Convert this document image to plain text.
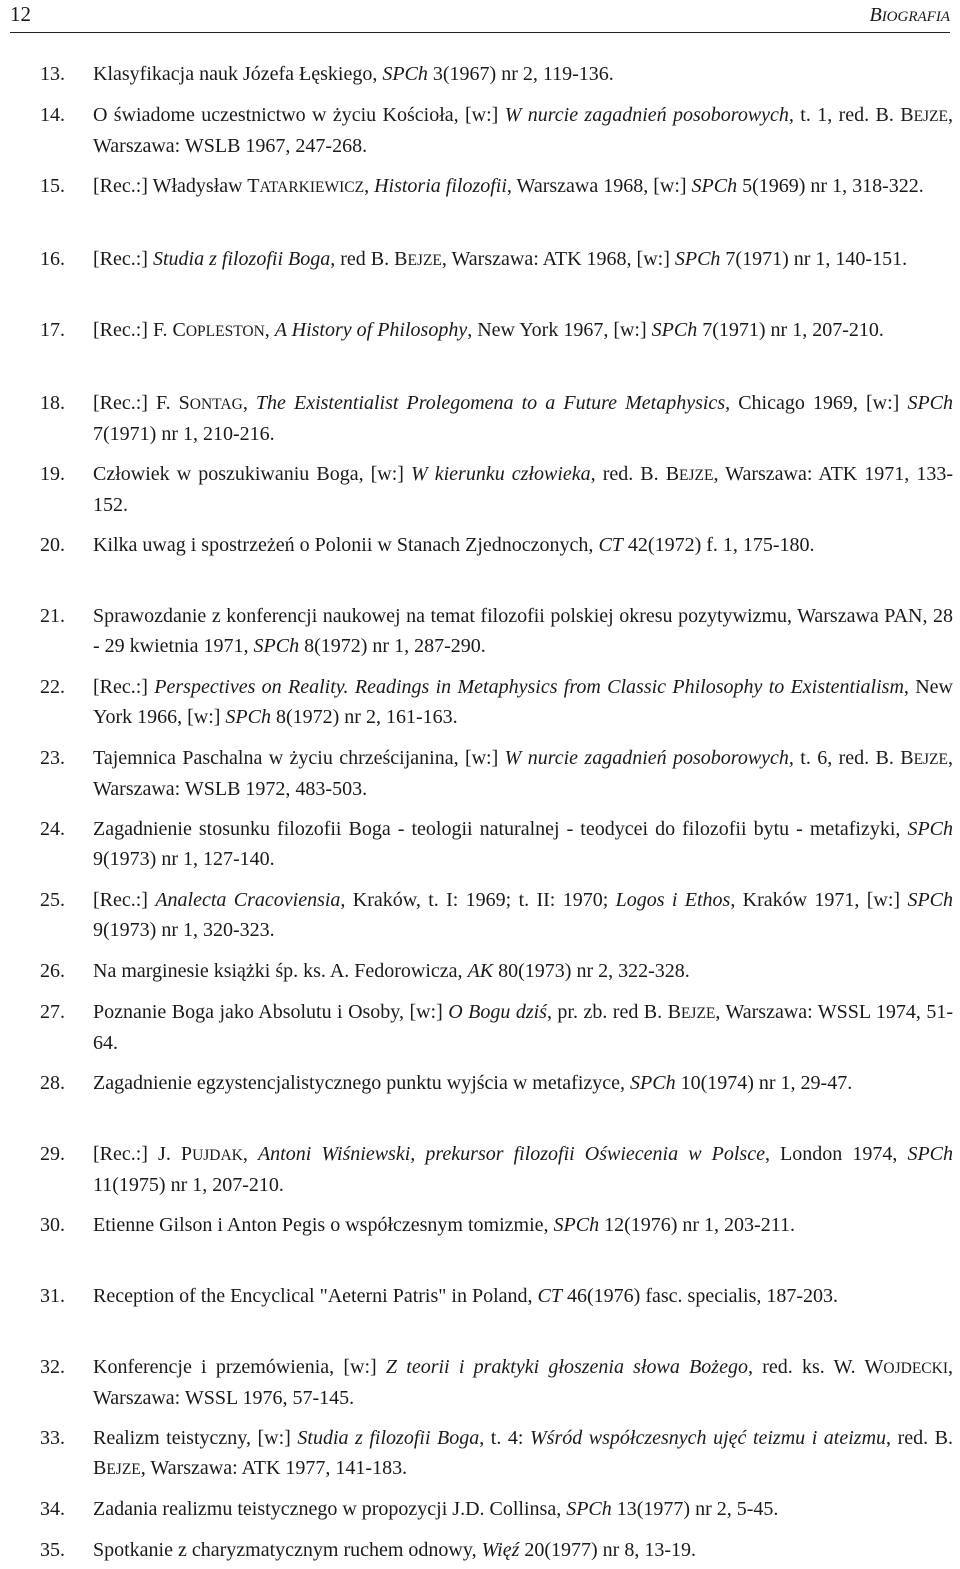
12	BIOGRAFIA
13.	Klasyfikacja nauk Józefa Łęskiego, SPCh 3(1967) nr 2, 119-136.
14.	O świadome uczestnictwo w życiu Kościoła, [w:] W nurcie zagadnień posoborowych, t. 1, red. B. BEJZE, Warszawa: WSLB 1967, 247-268.
15.	[Rec.:] Władysław TATARKIEWICZ, Historia filozofii, Warszawa 1968, [w:] SPCh 5(1969) nr 1, 318-322.
16.	[Rec.:] Studia z filozofii Boga, red B. BEJZE, Warszawa: ATK 1968, [w:] SPCh 7(1971) nr 1, 140-151.
17.	[Rec.:] F. COPLESTON, A History of Philosophy, New York 1967, [w:] SPCh 7(1971) nr 1, 207-210.
18.	[Rec.:] F. SONTAG, The Existentialist Prolegomena to a Future Metaphysics, Chicago 1969, [w:] SPCh 7(1971) nr 1, 210-216.
19.	Człowiek w poszukiwaniu Boga, [w:] W kierunku człowieka, red. B. BEJZE, Warszawa: ATK 1971, 133-152.
20.	Kilka uwag i spostrzeżeń o Polonii w Stanach Zjednoczonych, CT 42(1972) f. 1, 175-180.
21.	Sprawozdanie z konferencji naukowej na temat filozofii polskiej okresu pozytywizmu, Warszawa PAN, 28 - 29 kwietnia 1971, SPCh 8(1972) nr 1, 287-290.
22.	[Rec.:] Perspectives on Reality. Readings in Metaphysics from Classic Philosophy to Existentialism, New York 1966, [w:] SPCh 8(1972) nr 2, 161-163.
23.	Tajemnica Paschalna w życiu chrześcijanina, [w:] W nurcie zagadnień posoborowych, t. 6, red. B. BEJZE, Warszawa: WSLB 1972, 483-503.
24.	Zagadnienie stosunku filozofii Boga - teologii naturalnej - teodycei do filozofii bytu - metafizyki, SPCh 9(1973) nr 1, 127-140.
25.	[Rec.:] Analecta Cracoviensia, Kraków, t. I: 1969; t. II: 1970; Logos i Ethos, Kraków 1971, [w:] SPCh 9(1973) nr 1, 320-323.
26.	Na marginesie książki śp. ks. A. Fedorowicza, AK 80(1973) nr 2, 322-328.
27.	Poznanie Boga jako Absolutu i Osoby, [w:] O Bogu dziś, pr. zb. red B. BEJZE, Warszawa: WSSL 1974, 51-64.
28.	Zagadnienie egzystencjalistycznego punktu wyjścia w metafizyce, SPCh 10(1974) nr 1, 29-47.
29.	[Rec.:] J. PUJDAK, Antoni Wiśniewski, prekursor filozofii Oświecenia w Polsce, London 1974, SPCh 11(1975) nr 1, 207-210.
30.	Etienne Gilson i Anton Pegis o współczesnym tomizmie, SPCh 12(1976) nr 1, 203-211.
31.	Reception of the Encyclical "Aeterni Patris" in Poland, CT 46(1976) fasc. specialis, 187-203.
32.	Konferencje i przemówienia, [w:] Z teorii i praktyki głoszenia słowa Bożego, red. ks. W. WOJDECKI, Warszawa: WSSL 1976, 57-145.
33.	Realizm teistyczny, [w:] Studia z filozofii Boga, t. 4: Wśród współczesnych ujęć teizmu i ateizmu, red. B. BEJZE, Warszawa: ATK 1977, 141-183.
34.	Zadania realizmu teistycznego w propozycji J.D. Collinsa, SPCh 13(1977) nr 2, 5-45.
35.	Spotkanie z charyzmatycznym ruchem odnowy, Więź 20(1977) nr 8, 13-19.
